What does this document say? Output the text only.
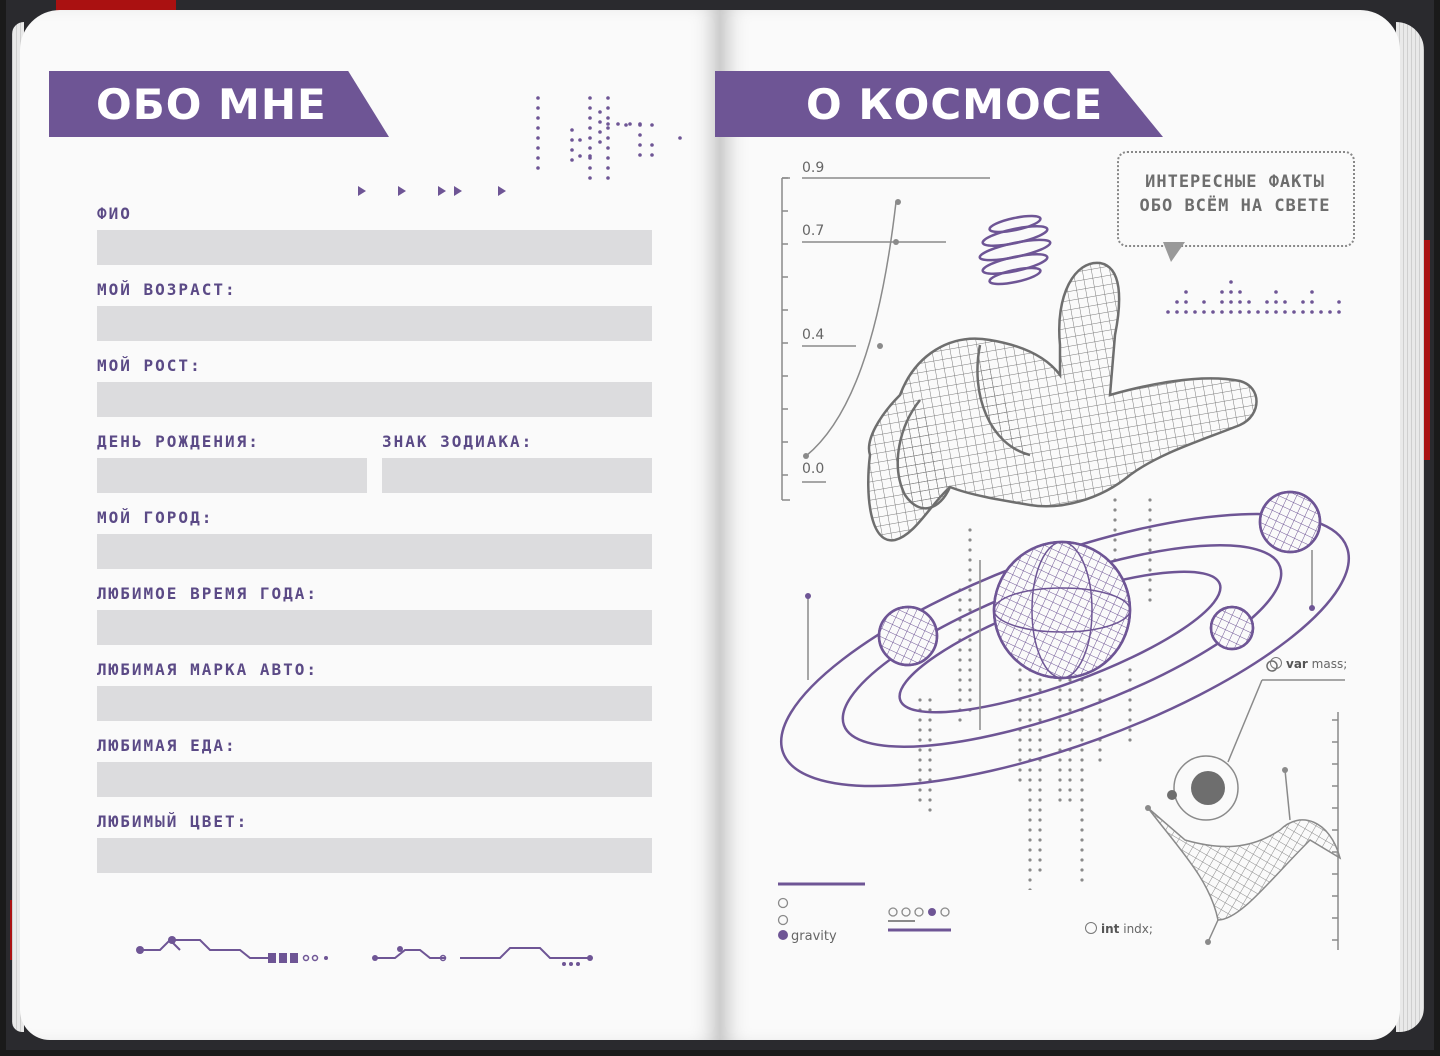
ОБО МНЕ
ФИО
МОЙ ВОЗРАСТ:
МОЙ РОСТ:
ДЕНЬ РОЖДЕНИЯ:	ЗНАК ЗОДИАКА:
МОЙ ГОРОД:
ЛЮБИМОЕ ВРЕМЯ ГОДА:
ЛЮБИМАЯ МАРКА АВТО:
ЛЮБИМАЯ ЕДА:
ЛЮБИМЫЙ ЦВЕТ:
О КОСМОСЕ
0.9
0.7
0.4
0.0
ИНТЕРЕСНЫЕ ФАКТЫ
ОБО ВСЁМ НА СВЕТЕ
var mass;
int indx;
gravity
